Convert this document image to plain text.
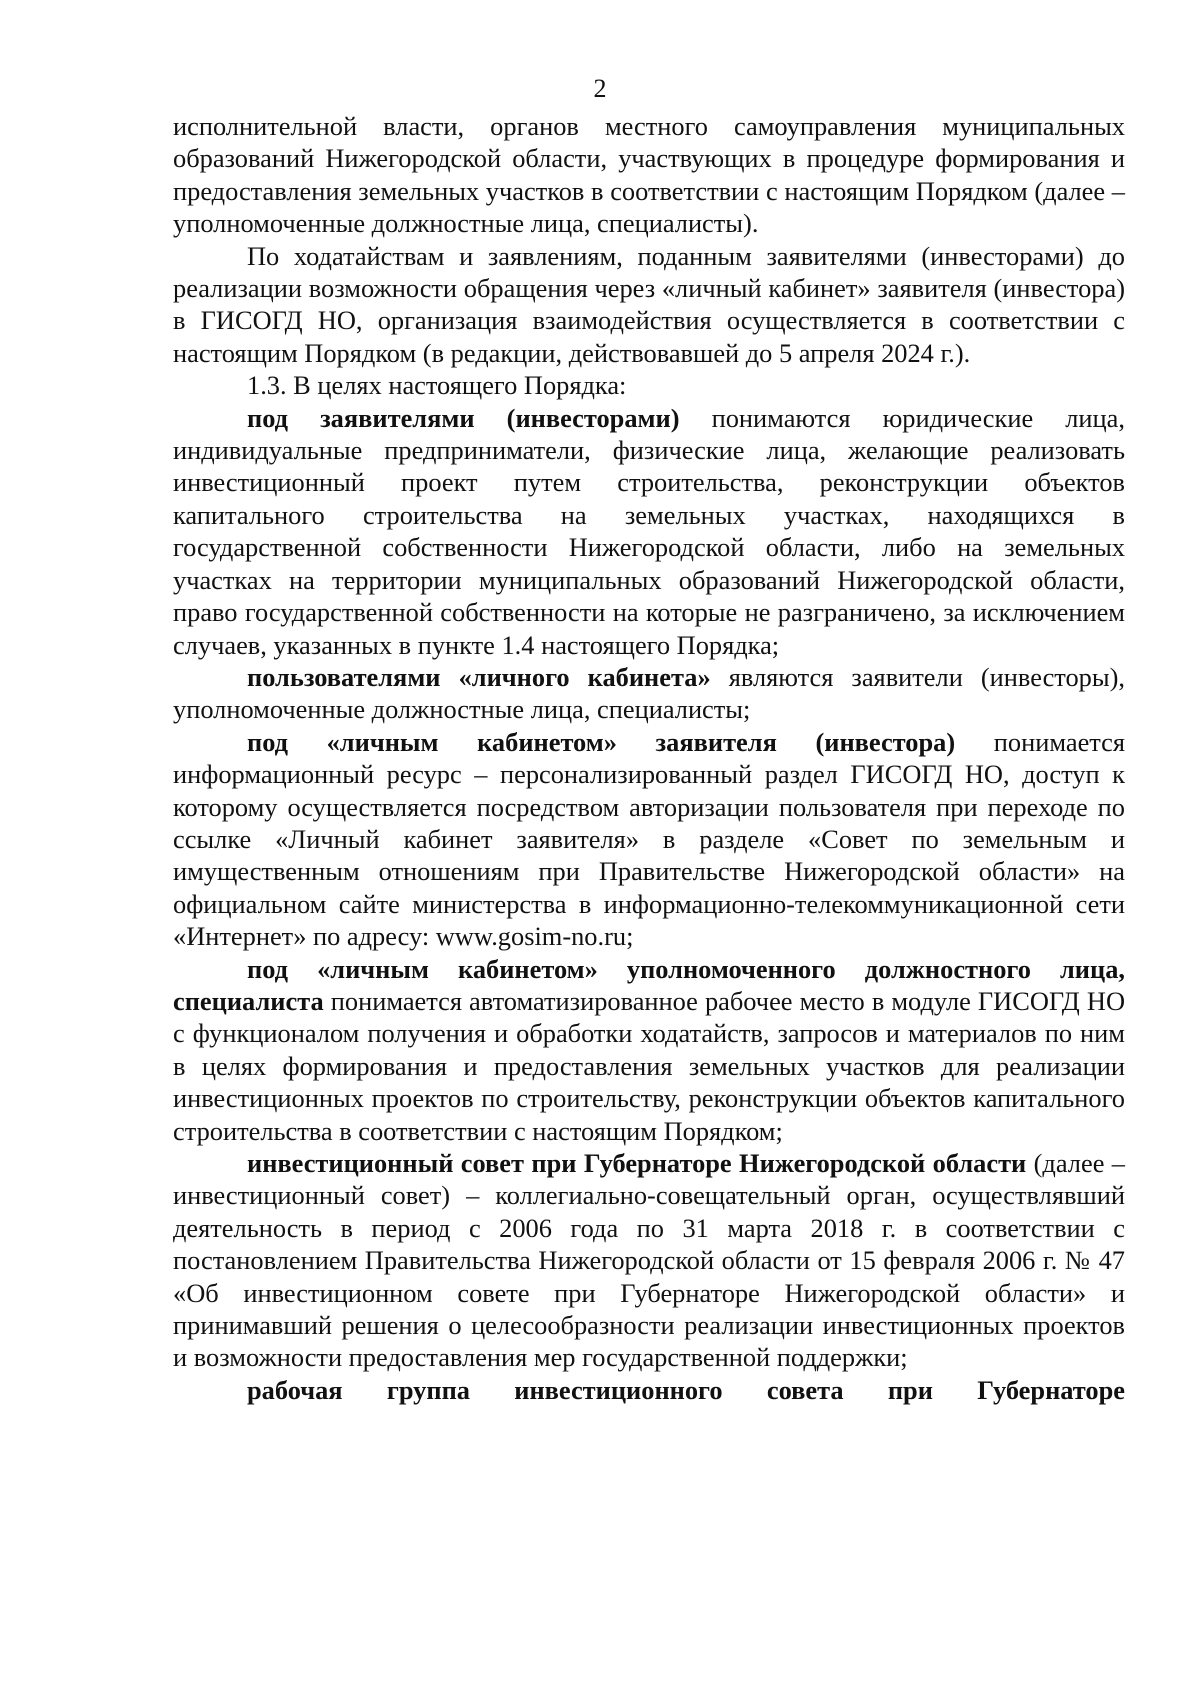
2

исполнительной власти, органов местного самоуправления муниципальных образований Нижегородской области, участвующих в процедуре формирования и предоставления земельных участков в соответствии с настоящим Порядком (далее – уполномоченные должностные лица, специалисты).

По ходатайствам и заявлениям, поданным заявителями (инвесторами) до реализации возможности обращения через «личный кабинет» заявителя (инвестора) в ГИСОГД НО, организация взаимодействия осуществляется в соответствии с настоящим Порядком (в редакции, действовавшей до 5 апреля 2024 г.).

1.3. В целях настоящего Порядка:

под заявителями (инвесторами) понимаются юридические лица, индивидуальные предприниматели, физические лица, желающие реализовать инвестиционный проект путем строительства, реконструкции объектов капитального строительства на земельных участках, находящихся в государственной собственности Нижегородской области, либо на земельных участках на территории муниципальных образований Нижегородской области, право государственной собственности на которые не разграничено, за исключением случаев, указанных в пункте 1.4 настоящего Порядка;

пользователями «личного кабинета» являются заявители (инвесторы), уполномоченные должностные лица, специалисты;

под «личным кабинетом» заявителя (инвестора) понимается информационный ресурс – персонализированный раздел ГИСОГД НО, доступ к которому осуществляется посредством авторизации пользователя при переходе по ссылке «Личный кабинет заявителя» в разделе «Совет по земельным и имущественным отношениям при Правительстве Нижегородской области» на официальном сайте министерства в информационно-телекоммуникационной сети «Интернет» по адресу: www.gosim-no.ru;

под «личным кабинетом» уполномоченного должностного лица, специалиста понимается автоматизированное рабочее место в модуле ГИСОГД НО с функционалом получения и обработки ходатайств, запросов и материалов по ним в целях формирования и предоставления земельных участков для реализации инвестиционных проектов по строительству, реконструкции объектов капитального строительства в соответствии с настоящим Порядком;

инвестиционный совет при Губернаторе Нижегородской области (далее – инвестиционный совет) – коллегиально-совещательный орган, осуществлявший деятельность в период с 2006 года по 31 марта 2018 г. в соответствии с постановлением Правительства Нижегородской области от 15 февраля 2006 г. № 47 «Об инвестиционном совете при Губернаторе Нижегородской области» и принимавший решения о целесообразности реализации инвестиционных проектов и возможности предоставления мер государственной поддержки;

рабочая группа инвестиционного совета при Губернаторе
